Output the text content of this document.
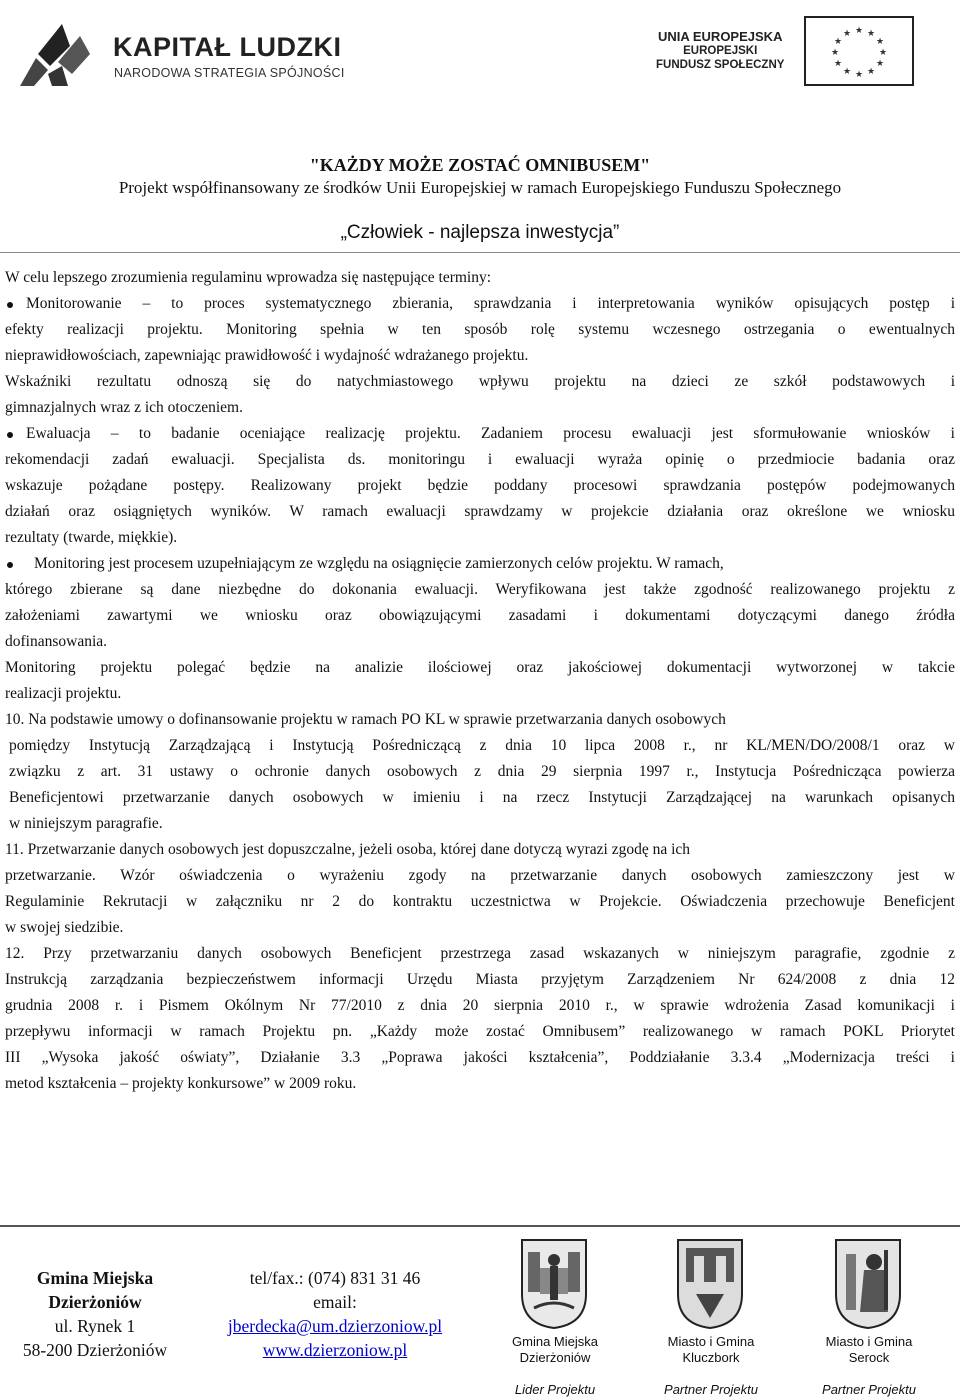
KAPITAŁ LUDZKI
NARODOWA STRATEGIA SPÓJNOŚCI
UNIA EUROPEJSKA
EUROPEJSKI
FUNDUSZ SPOŁECZNY
★ ★
★
★
★
★
★
★
★
★
★
★
"KAŻDY MOŻE ZOSTAĆ OMNIBUSEM"
Projekt współfinansowany ze środków Unii Europejskiej w ramach Europejskiego Funduszu Społecznego
„Człowiek - najlepsza inwestycja”
W celu lepszego zrozumienia regulaminu wprowadza się następujące terminy:
Monitorowanie – to proces systematycznego zbierania, sprawdzania i interpretowania wyników opisujących postęp i
efekty realizacji projektu. Monitoring spełnia w ten sposób rolę systemu wczesnego ostrzegania o ewentualnych
nieprawidłowościach, zapewniając prawidłowość i wydajność wdrażanego projektu.
Wskaźniki rezultatu odnoszą się do natychmiastowego wpływu projektu na dzieci ze szkół podstawowych i
gimnazjalnych wraz z ich otoczeniem.
Ewaluacja – to badanie oceniające realizację projektu. Zadaniem procesu ewaluacji jest sformułowanie wniosków i
rekomendacji zadań ewaluacji. Specjalista ds. monitoringu i ewaluacji wyraża opinię o przedmiocie badania oraz
wskazuje pożądane postępy. Realizowany projekt będzie poddany procesowi sprawdzania postępów podejmowanych
działań oraz osiągniętych wyników. W ramach ewaluacji sprawdzamy w projekcie działania oraz określone we wniosku
rezultaty (twarde, miękkie).
Monitoring jest procesem uzupełniającym ze względu na osiągnięcie zamierzonych celów projektu. W ramach,
którego zbierane są dane niezbędne do dokonania ewaluacji. Weryfikowana jest także zgodność realizowanego projektu z
założeniami zawartymi we wniosku oraz obowiązującymi zasadami i dokumentami dotyczącymi danego źródła
dofinansowania.
Monitoring projektu polegać będzie na analizie ilościowej oraz jakościowej dokumentacji wytworzonej w takcie
realizacji projektu.
10. Na podstawie umowy o dofinansowanie projektu w ramach PO KL w sprawie przetwarzania danych osobowych
pomiędzy Instytucją Zarządzającą i Instytucją Pośredniczącą z dnia 10 lipca 2008 r., nr KL/MEN/DO/2008/1 oraz w
związku z art. 31 ustawy o ochronie danych osobowych z dnia 29 sierpnia 1997 r., Instytucja Pośrednicząca powierza
Beneficjentowi przetwarzanie danych osobowych w imieniu i na rzecz Instytucji Zarządzającej na warunkach opisanych
w niniejszym paragrafie.
11. Przetwarzanie danych osobowych jest dopuszczalne, jeżeli osoba, której dane dotyczą wyrazi zgodę na ich
przetwarzanie. Wzór oświadczenia o wyrażeniu zgody na przetwarzanie danych osobowych zamieszczony jest w
Regulaminie Rekrutacji w załączniku nr 2 do kontraktu uczestnictwa w Projekcie. Oświadczenia przechowuje Beneficjent
w swojej siedzibie.
12. Przy przetwarzaniu danych osobowych Beneficjent przestrzega zasad wskazanych w niniejszym paragrafie, zgodnie z
Instrukcją zarządzania bezpieczeństwem informacji Urzędu Miasta przyjętym Zarządzeniem Nr 624/2008 z dnia 12
grudnia 2008 r. i Pismem Okólnym Nr 77/2010 z dnia 20 sierpnia 2010 r., w sprawie wdrożenia Zasad komunikacji i
przepływu informacji w ramach Projektu pn. „Każdy może zostać Omnibusem” realizowanego w ramach POKL Priorytet
III „Wysoka jakość oświaty”, Działanie 3.3 „Poprawa jakości kształcenia”, Poddziałanie 3.3.4 „Modernizacja treści i
metod kształcenia – projekty konkursowe” w 2009 roku.
Gmina Miejska
Dzierżoniów
ul. Rynek 1
58-200 Dzierżoniów
tel/fax.: (074) 831 31 46
email:
jberdecka@um.dzierzoniow.pl
www.dzierzoniow.pl	Gmina Miejska
Dzierżoniów
Lider Projektu
Miasto i Gmina
Kluczbork
Partner Projektu
Miasto i Gmina
Serock
Partner Projektu
